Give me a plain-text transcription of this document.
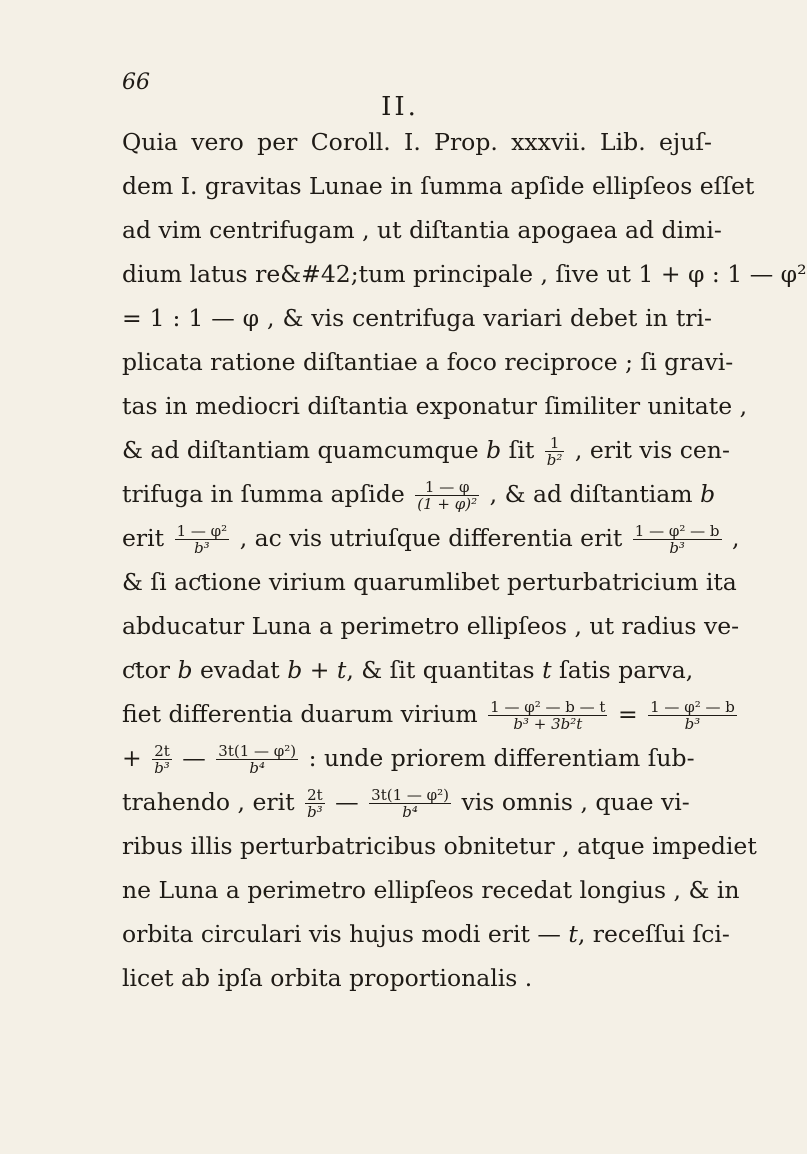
66
II.
Quia vero per Coroll. I. Prop. xxxvii. Lib. ejuſ-
dem I. gravitas Lunae in ſumma apſide ellipſeos eſſet
ad vim centrifugam , ut diſtantia apogaea ad dimi-
dium latus re&#42;tum principale , ſive ut 1 + φ : 1 — φ²
= 1 : 1 — φ , & vis centrifuga variari debet in tri-
plicata ratione diſtantiae a foco reciproce ; ſi gravi-
tas in mediocri diſtantia exponatur ſimiliter unitate ,
& ad diſtantiam quamcumque b ſit $\frac{1}{\text{b²}}$ , erit vis cen-
trifuga in ſumma apſide $\frac{1 — \varphi}{\text{(1 + φ)²}}$ , & ad diſtantiam b
erit $\frac{\text{1 — φ²}}{\text{b³}}$ , ac vis utriuſque differentia erit $\frac{\text{1 — φ² — b}}{\text{b³}}$ ,
& ſi aƈtione virium quarumlibet perturbatricium ita
abducatur Luna a perimetro ellipſeos , ut radius ve-
ƈtor b evadat b + t, & ſit quantitas t ſatis parva,
fiet differentia duarum virium $\frac{\text{1 — φ² — b — t}}{\text{b³ + 3b²t}} = \frac{\text{1 — φ² — b}}{\text{b³}}$
+ $\frac{2t}{\text{b³}}$ — $\frac{\text{3t(1 — φ²)}}{\text{b⁴}}$ : unde priorem differentiam ſub-
trahendo , erit $\frac{2t}{\text{b³}}$ — $\frac{\text{3t(1 — φ²)}}{\text{b⁴}}$ vis omnis , quae vi-
ribus illis perturbatricibus obnitetur , atque impediet
ne Luna a perimetro ellipſeos recedat longius , & in
orbita circulari vis hujus modi erit — t, receſſui ſci-
licet ab ipſa orbita proportionalis .
